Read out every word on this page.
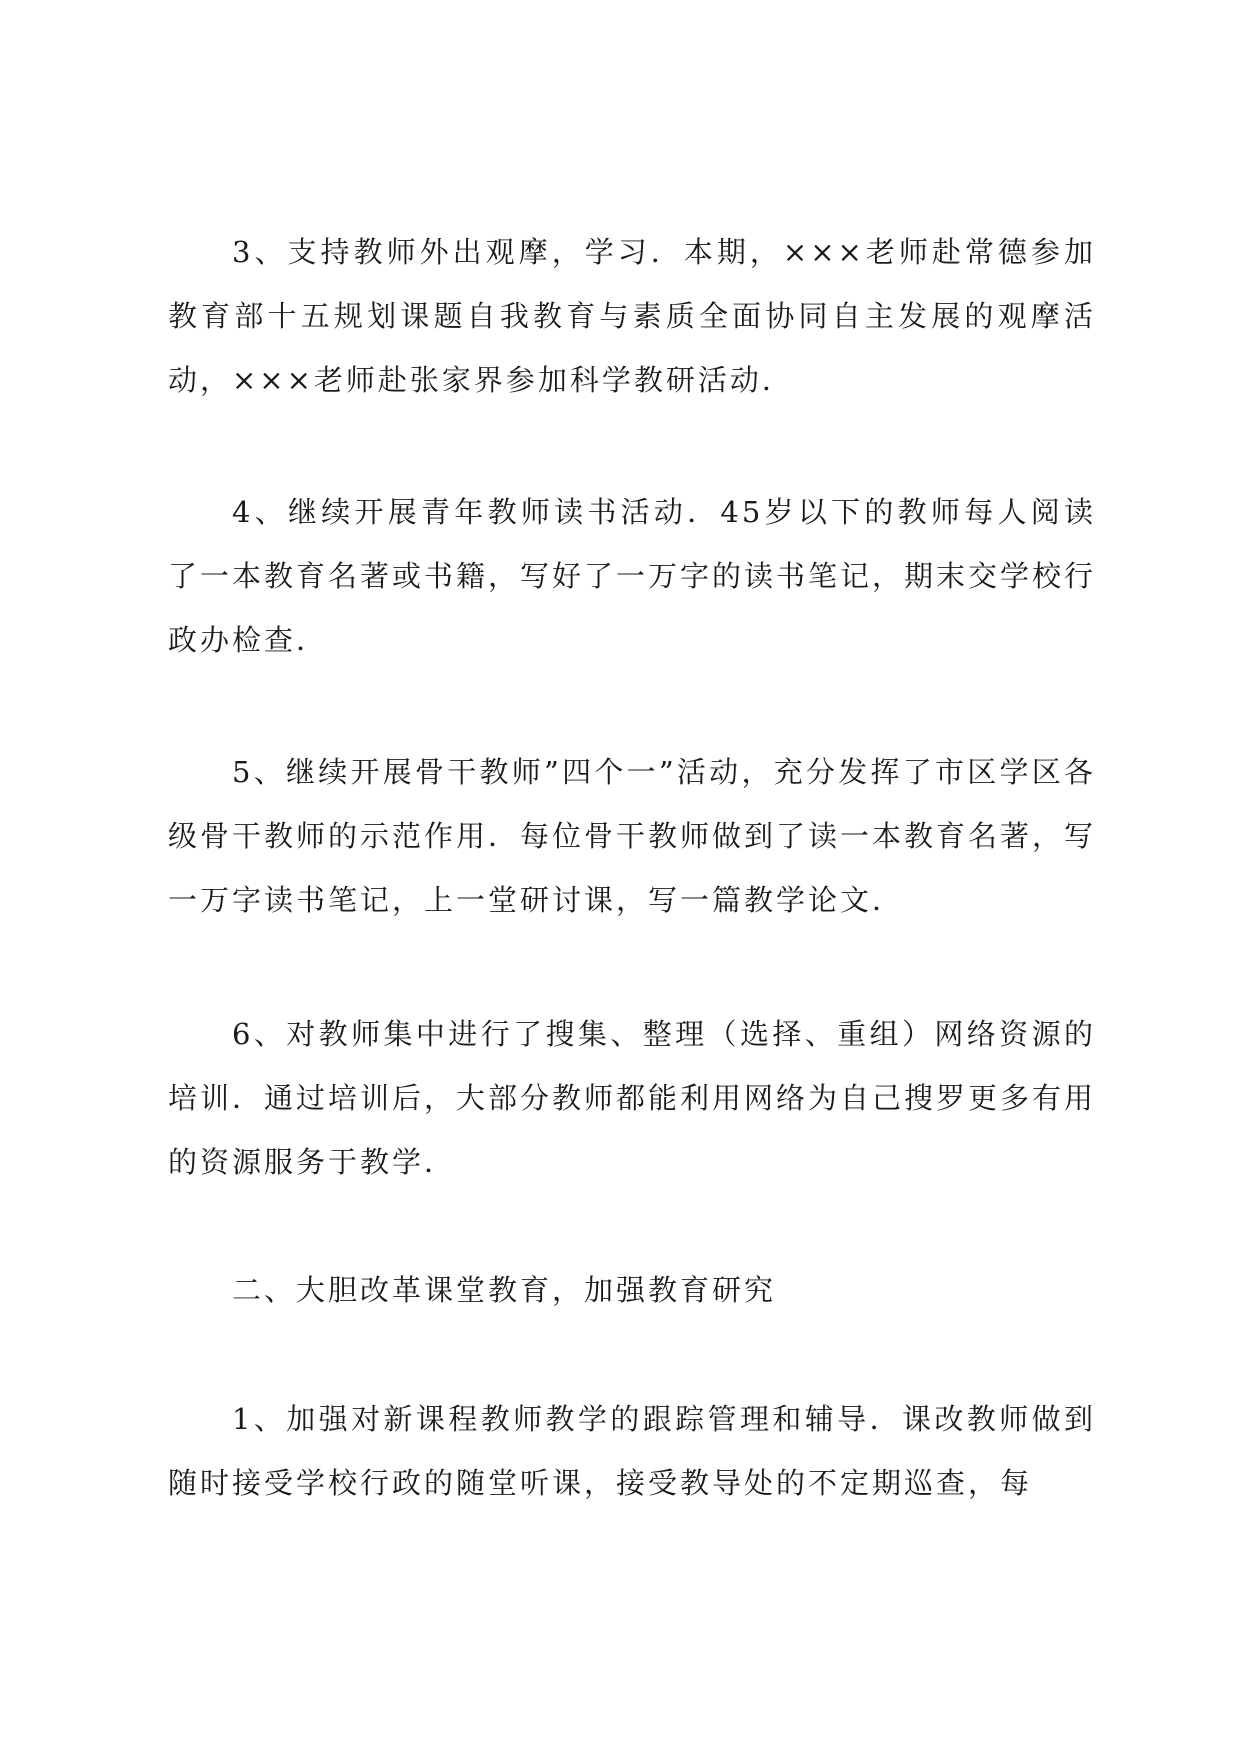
3、支持教师外出观摩，学习．本期，×××老师赴常德参加教育部十五规划课题自我教育与素质全面协同自主发展的观摩活动，×××老师赴张家界参加科学教研活动．

4、继续开展青年教师读书活动．45岁以下的教师每人阅读了一本教育名著或书籍，写好了一万字的读书笔记，期末交学校行政办检查．

5、继续开展骨干教师”四个一”活动，充分发挥了市区学区各级骨干教师的示范作用．每位骨干教师做到了读一本教育名著，写一万字读书笔记，上一堂研讨课，写一篇教学论文．

6、对教师集中进行了搜集、整理（选择、重组）网络资源的培训．通过培训后，大部分教师都能利用网络为自己搜罗更多有用的资源服务于教学．

二、大胆改革课堂教育，加强教育研究

1、加强对新课程教师教学的跟踪管理和辅导．课改教师做到随时接受学校行政的随堂听课，接受教导处的不定期巡查，每
